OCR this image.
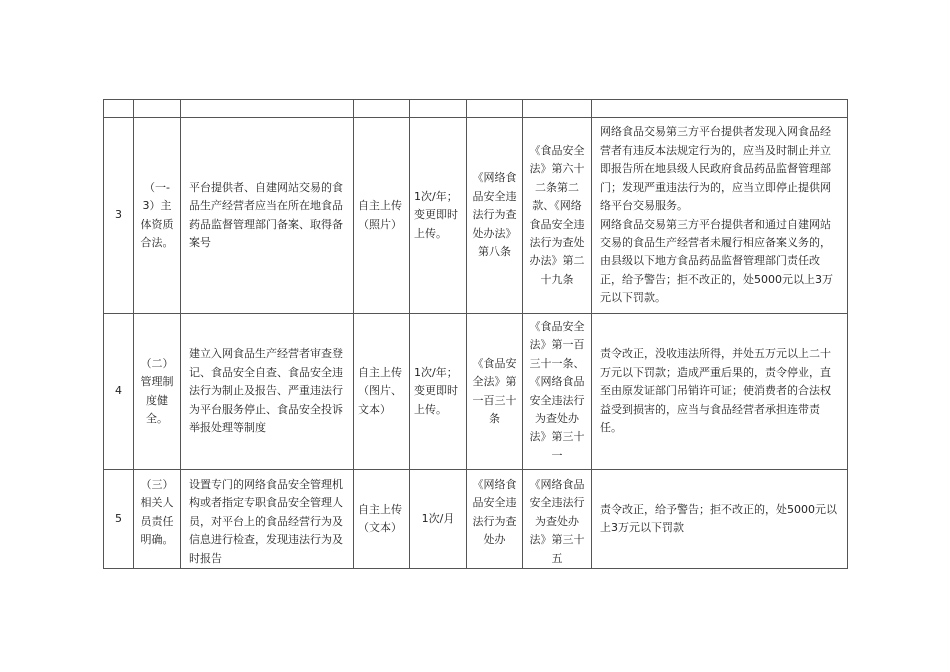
3	（一-3）主体资质合法。	平台提供者、自建网站交易的食品生产经营者应当在所在地食品药品监督管理部门备案、取得备案号	自主上传（照片）	1次/年；变更即时上传。	《网络食品安全违法行为查处办法》第八条	《食品安全法》第六十二条第二款、《网络食品安全违法行为查处办法》第二十九条	网络食品交易第三方平台提供者发现入网食品经营者有违反本法规定行为的，应当及时制止并立即报告所在地县级人民政府食品药品监督管理部门；发现严重违法行为的，应当立即停止提供网络平台交易服务。
网络食品交易第三方平台提供者和通过自建网站交易的食品生产经营者未履行相应备案义务的，由县级以下地方食品药品监督管理部门责任改正，给予警告；拒不改正的，处5000元以上3万元以下罚款。

4	（二）管理制度健全。	建立入网食品生产经营者审查登记、食品安全自查、食品安全违法行为制止及报告、严重违法行为平台服务停止、食品安全投诉举报处理等制度	自主上传（图片、文本）	1次/年；变更即时上传。	《食品安全法》第一百三十条	《食品安全法》第一百三十一条、《网络食品安全违法行为查处办法》第三十一	责令改正，没收违法所得，并处五万元以上二十万元以下罚款；造成严重后果的，责令停业，直至由原发证部门吊销许可证；使消费者的合法权益受到损害的，应当与食品经营者承担连带责任。
5	（三）相关人员责任明确。	设置专门的网络食品安全管理机构或者指定专职食品安全管理人员，对平台上的食品经营行为及信息进行检查，发现违法行为及时报告	自主上传（文本）	1次/月	《网络食品安全违法行为查处办	《网络食品安全违法行为查处办法》第三十五	责令改正，给予警告；拒不改正的，处5000元以上3万元以下罚款
